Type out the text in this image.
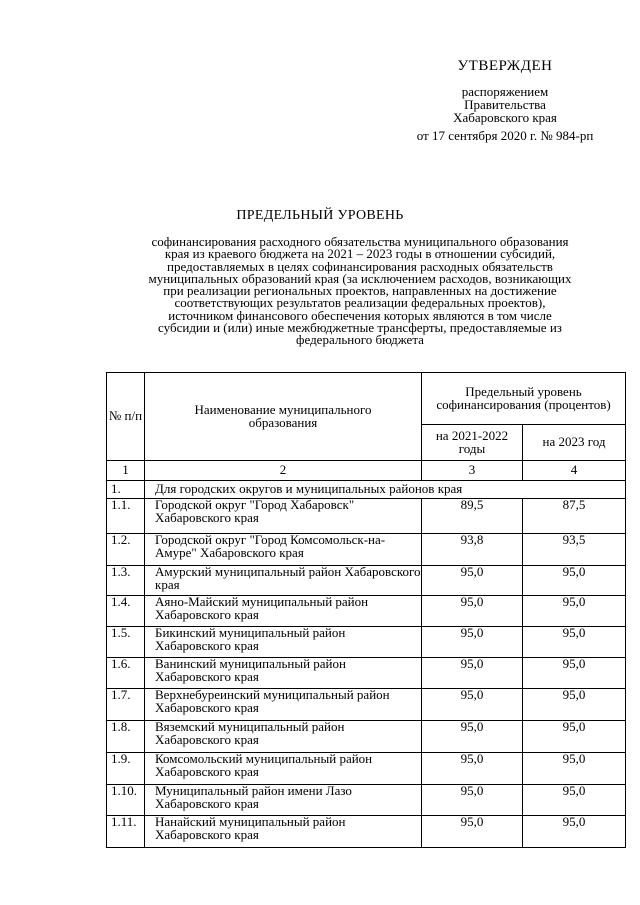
УТВЕРЖДЕН
распоряжением
Правительства
Хабаровского края
от 17 сентября 2020 г. № 984-рп
ПРЕДЕЛЬНЫЙ УРОВЕНЬ
софинансирования расходного обязательства муниципального образования
края из краевого бюджета на 2021 – 2023 годы в отношении субсидий,
предоставляемых в целях софинансирования расходных обязательств
муниципальных образований края (за исключением расходов, возникающих
при реализации региональных проектов, направленных на достижение
соответствующих результатов реализации федеральных проектов),
источником финансового обеспечения которых являются в том числе
субсидии и (или) иные межбюджетные трансферты, предоставляемые из
федерального бюджета
№ п/п	Наименование муниципального образования	Предельный уровень софинансирования (процентов)	
		на 2021-2022 годы	на 2023 год
1	2	3	4
1.	Для городских округов и муниципальных районов края		
1.1.	Городской округ "Город Хабаровск" Хабаровского края	89,5	87,5
1.2.	Городской округ "Город Комсомольск-на-Амуре" Хабаровского края	93,8	93,5
1.3.	Амурский муниципальный район Хабаровского края	95,0	95,0
1.4.	Аяно-Майский муниципальный район Хабаровского края	95,0	95,0
1.5.	Бикинский муниципальный район Хабаровского края	95,0	95,0
1.6.	Ванинский муниципальный район Хабаровского края	95,0	95,0
1.7.	Верхнебуреинский муниципальный район Хабаровского края	95,0	95,0
1.8.	Вяземский муниципальный район Хабаровского края	95,0	95,0
1.9.	Комсомольский муниципальный район Хабаровского края	95,0	95,0
1.10.	Муниципальный район имени Лазо Хабаровского края	95,0	95,0
1.11.	Нанайский муниципальный район Хабаровского края	95,0	95,0
